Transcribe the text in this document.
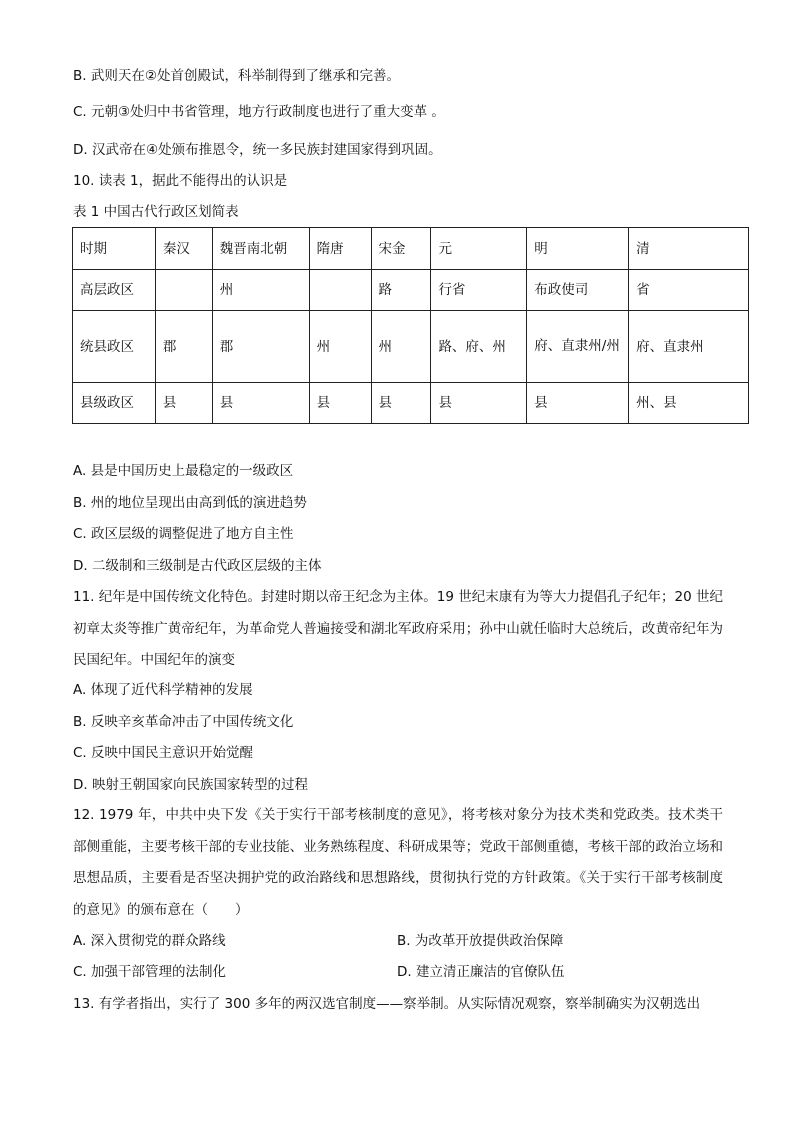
B. 武则天在②处首创殿试，科举制得到了继承和完善。
C. 元朝③处归中书省管理，地方行政制度也进行了重大变革 。
D. 汉武帝在④处颁布推恩令，统一多民族封建国家得到巩固。
10. 读表 1，据此不能得出的认识是
表 1 中国古代行政区划简表
时期	秦汉	魏晋南北朝	隋唐	宋金	元	明	清
高层政区		州		路	行省	布政使司	省
统县政区	郡	郡	州	州	路、府、州	府、直隶州/州	府、直隶州
县级政区	县	县	县	县	县	县	州、县
A. 县是中国历史上最稳定的一级政区
B. 州的地位呈现出由高到低的演进趋势
C. 政区层级的调整促进了地方自主性
D. 二级制和三级制是古代政区层级的主体
11. 纪年是中国传统文化特色。封建时期以帝王纪念为主体。19 世纪末康有为等大力提倡孔子纪年；20 世纪初章太炎等推广黄帝纪年，为革命党人普遍接受和湖北军政府采用；孙中山就任临时大总统后，改黄帝纪年为民国纪年。中国纪年的演变
A. 体现了近代科学精神的发展
B. 反映辛亥革命冲击了中国传统文化
C. 反映中国民主意识开始觉醒
D. 映射王朝国家向民族国家转型的过程
12. 1979 年，中共中央下发《关于实行干部考核制度的意见》，将考核对象分为技术类和党政类。技术类干部侧重能，主要考核干部的专业技能、业务熟练程度、科研成果等；党政干部侧重德，考核干部的政治立场和思想品质，主要看是否坚决拥护党的政治路线和思想路线，贯彻执行党的方针政策。《关于实行干部考核制度的意见》的颁布意在（　　）
A. 深入贯彻党的群众路线	B. 为改革开放提供政治保障
C. 加强干部管理的法制化	D. 建立清正廉洁的官僚队伍
13. 有学者指出，实行了 300 多年的两汉选官制度——察举制。从实际情况观察，察举制确实为汉朝选出
